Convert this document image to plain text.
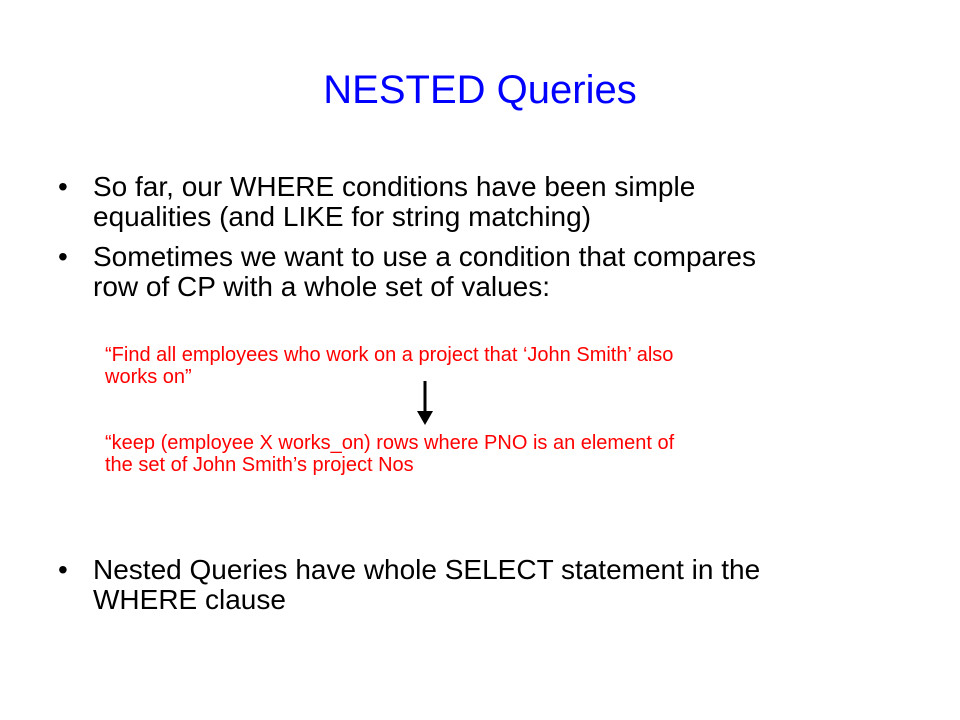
NESTED Queries
• So far, our WHERE conditions have been simple
equalities (and LIKE for string matching)
• Sometimes we want to use a condition that compares
row of CP with a whole set of values:
“Find all employees who work on a project that ‘John Smith’ also
works on”
“keep (employee X works_on) rows where PNO is an element of
the set of John Smith’s project Nos
• Nested Queries have whole SELECT statement in the
WHERE clause
